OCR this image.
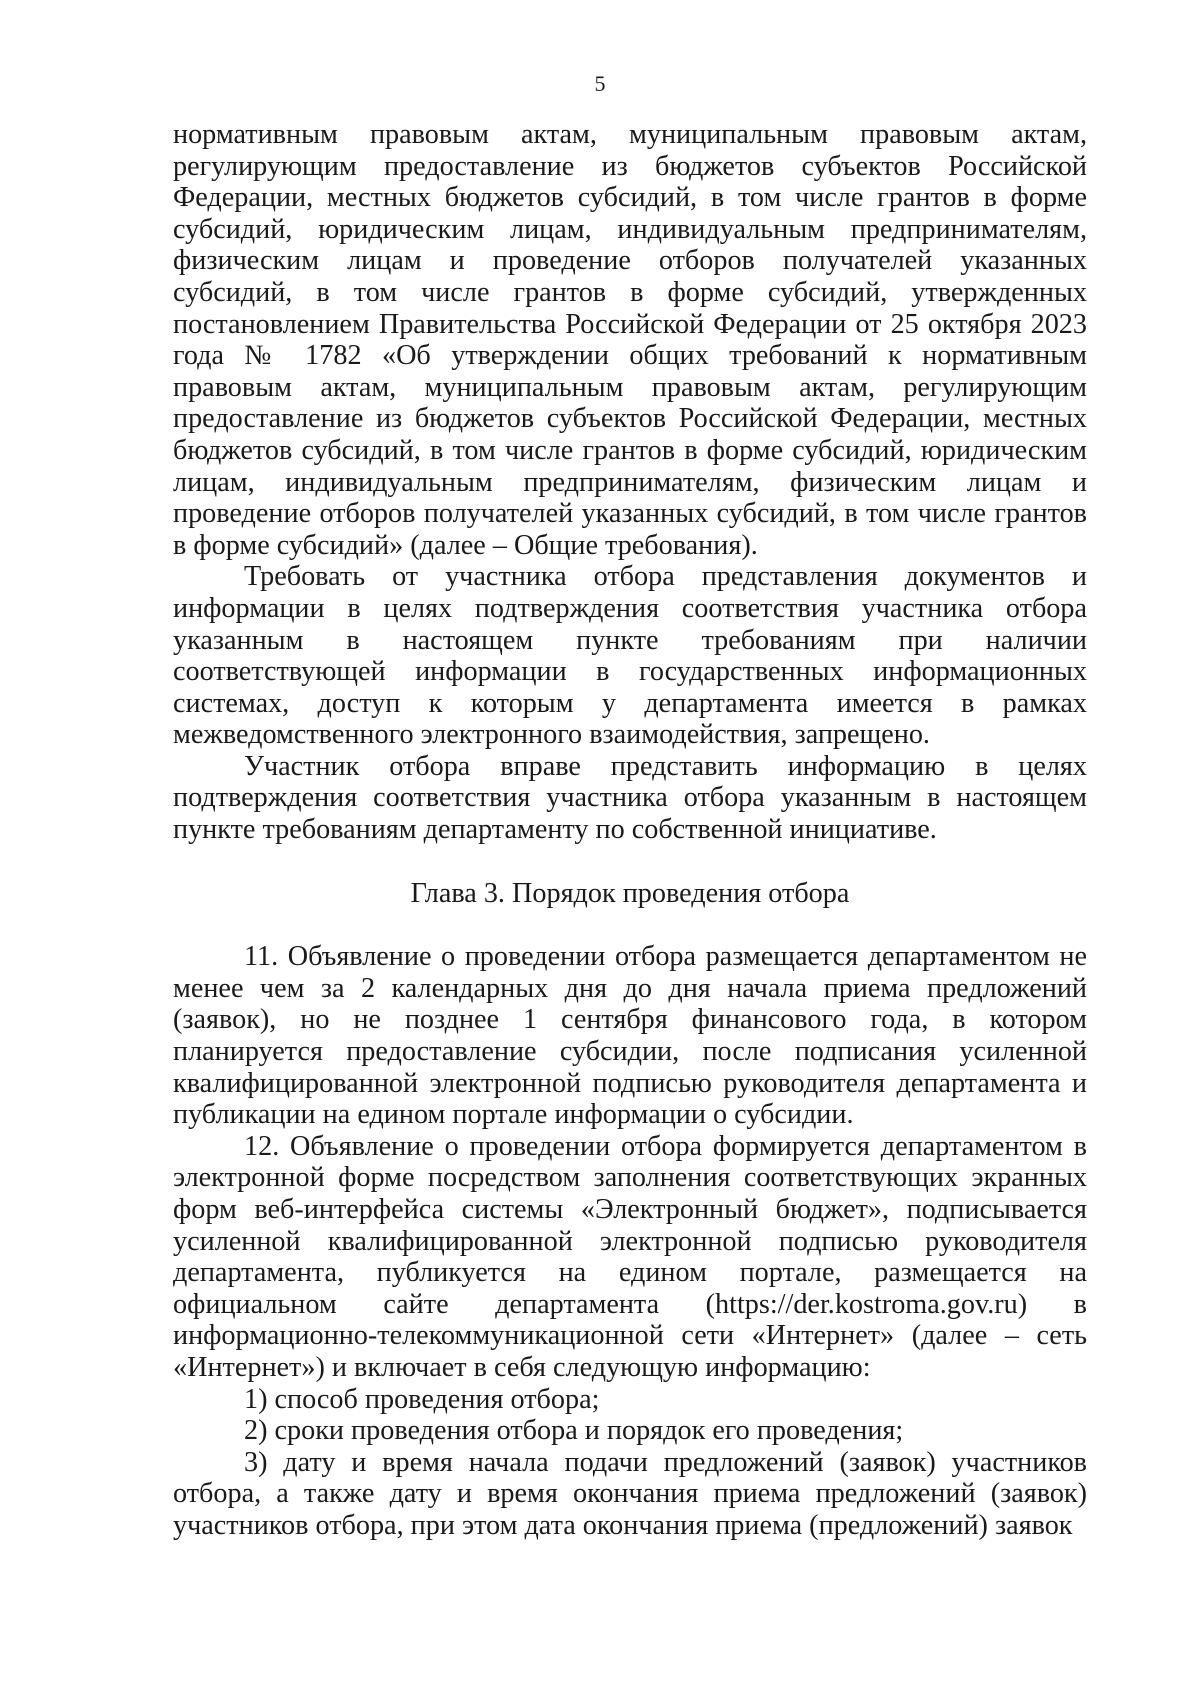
5

нормативным правовым актам, муниципальным правовым актам, регулирующим предоставление из бюджетов субъектов Российской Федерации, местных бюджетов субсидий, в том числе грантов в форме субсидий, юридическим лицам, индивидуальным предпринимателям, физическим лицам и проведение отборов получателей указанных субсидий, в том числе грантов в форме субсидий, утвержденных постановлением Правительства Российской Федерации от 25 октября 2023 года № 1782 «Об утверждении общих требований к нормативным правовым актам, муниципальным правовым актам, регулирующим предоставление из бюджетов субъектов Российской Федерации, местных бюджетов субсидий, в том числе грантов в форме субсидий, юридическим лицам, индивидуальным предпринимателям, физическим лицам и проведение отборов получателей указанных субсидий, в том числе грантов в форме субсидий» (далее – Общие требования).

Требовать от участника отбора представления документов и информации в целях подтверждения соответствия участника отбора указанным в настоящем пункте требованиям при наличии соответствующей информации в государственных информационных системах, доступ к которым у департамента имеется в рамках межведомственного электронного взаимодействия, запрещено.

Участник отбора вправе представить информацию в целях подтверждения соответствия участника отбора указанным в настоящем пункте требованиям департаменту по собственной инициативе.

Глава 3. Порядок проведения отбора

11. Объявление о проведении отбора размещается департаментом не менее чем за 2 календарных дня до дня начала приема предложений (заявок), но не позднее 1 сентября финансового года, в котором планируется предоставление субсидии, после подписания усиленной квалифицированной электронной подписью руководителя департамента и публикации на едином портале информации о субсидии.

12. Объявление о проведении отбора формируется департаментом в электронной форме посредством заполнения соответствующих экранных форм веб-интерфейса системы «Электронный бюджет», подписывается усиленной квалифицированной электронной подписью руководителя департамента, публикуется на едином портале, размещается на официальном сайте департамента (https://der.kostroma.gov.ru) в информационно-телекоммуникационной сети «Интернет» (далее – сеть «Интернет») и включает в себя следующую информацию:

1) способ проведения отбора;

2) сроки проведения отбора и порядок его проведения;

3) дату и время начала подачи предложений (заявок) участников отбора, а также дату и время окончания приема предложений (заявок) участников отбора, при этом дата окончания приема (предложений) заявок
